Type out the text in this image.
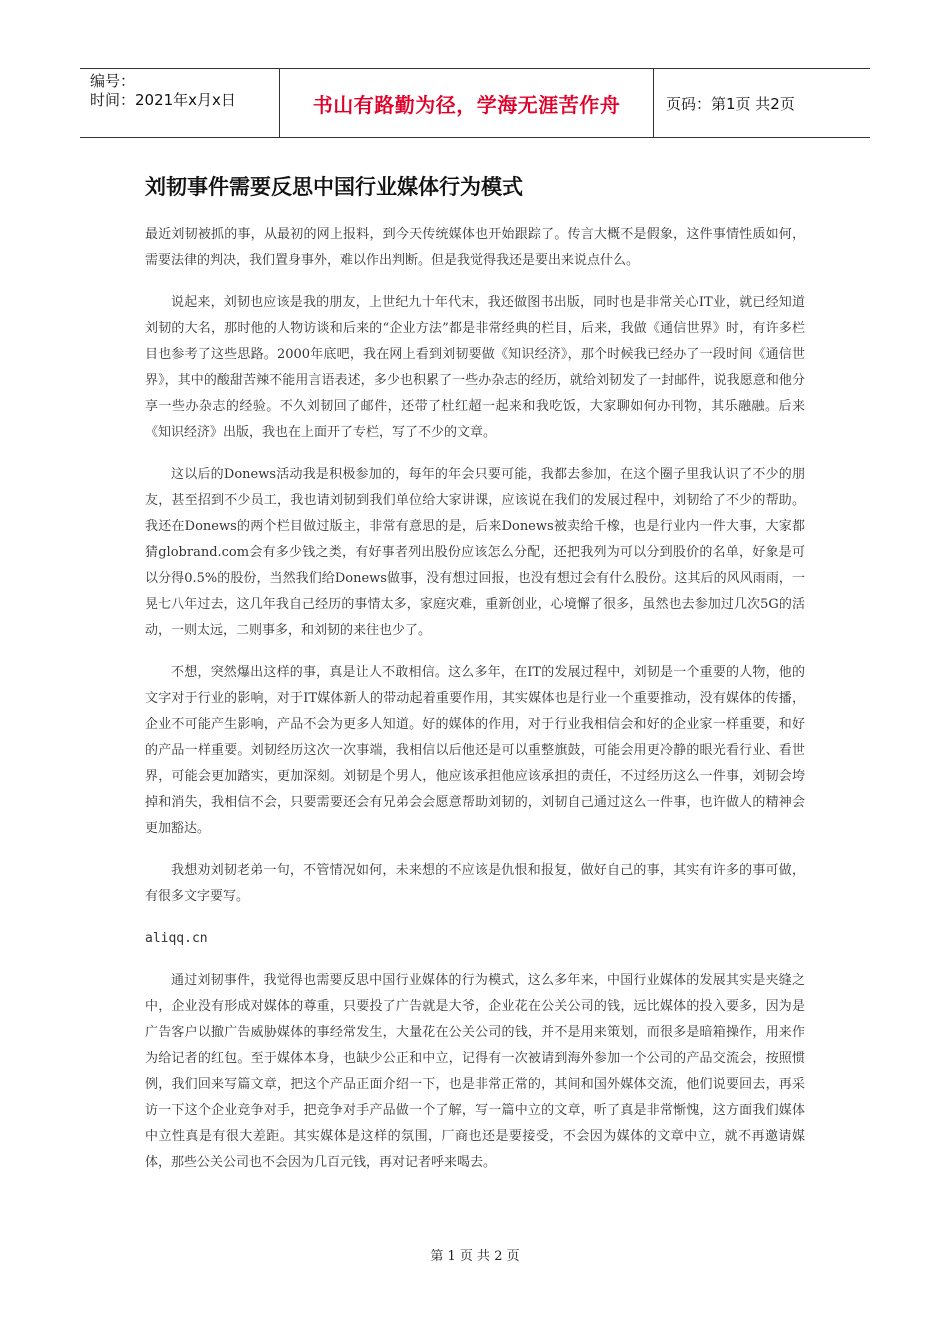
编号：
时间：2021年x月x日	书山有路勤为径，学海无涯苦作舟	页码：第1页 共2页
刘韧事件需要反思中国行业媒体行为模式

最近刘韧被抓的事，从最初的网上报料，到今天传统媒体也开始跟踪了。传言大概不是假象，这件事情性质如何，需要法律的判决，我们置身事外，难以作出判断。但是我觉得我还是要出来说点什么。

说起来，刘韧也应该是我的朋友，上世纪九十年代末，我还做图书出版，同时也是非常关心IT业，就已经知道刘韧的大名，那时他的人物访谈和后来的“企业方法”都是非常经典的栏目，后来，我做《通信世界》时，有许多栏目也参考了这些思路。2000年底吧，我在网上看到刘韧要做《知识经济》，那个时候我已经办了一段时间《通信世界》，其中的酸甜苦辣不能用言语表述，多少也积累了一些办杂志的经历，就给刘韧发了一封邮件，说我愿意和他分享一些办杂志的经验。不久刘韧回了邮件，还带了杜红超一起来和我吃饭，大家聊如何办刊物，其乐融融。后来《知识经济》出版，我也在上面开了专栏，写了不少的文章。

这以后的Donews活动我是积极参加的，每年的年会只要可能，我都去参加，在这个圈子里我认识了不少的朋友，甚至招到不少员工，我也请刘韧到我们单位给大家讲课，应该说在我们的发展过程中，刘韧给了不少的帮助。我还在Donews的两个栏目做过版主，非常有意思的是，后来Donews被卖给千橡，也是行业内一件大事，大家都猜globrand.com会有多少钱之类，有好事者列出股份应该怎么分配，还把我列为可以分到股价的名单，好象是可以分得0.5%的股份，当然我们给Donews做事，没有想过回报，也没有想过会有什么股份。这其后的风风雨雨，一晃七八年过去，这几年我自己经历的事情太多，家庭灾难，重新创业，心境懈了很多，虽然也去参加过几次5G的活动，一则太远，二则事多，和刘韧的来往也少了。

不想，突然爆出这样的事，真是让人不敢相信。这么多年，在IT的发展过程中，刘韧是一个重要的人物，他的文字对于行业的影响，对于IT媒体新人的带动起着重要作用，其实媒体也是行业一个重要推动，没有媒体的传播，企业不可能产生影响，产品不会为更多人知道。好的媒体的作用，对于行业我相信会和好的企业家一样重要，和好的产品一样重要。刘韧经历这次一次事端，我相信以后他还是可以重整旗鼓，可能会用更冷静的眼光看行业、看世界，可能会更加踏实，更加深刻。刘韧是个男人，他应该承担他应该承担的责任，不过经历这么一件事，刘韧会垮掉和消失，我相信不会，只要需要还会有兄弟会会愿意帮助刘韧的，刘韧自己通过这么一件事，也许做人的精神会更加豁达。

我想劝刘韧老弟一句，不管情况如何，未来想的不应该是仇恨和报复，做好自己的事，其实有许多的事可做，有很多文字要写。

aliqq.cn

通过刘韧事件，我觉得也需要反思中国行业媒体的行为模式，这么多年来，中国行业媒体的发展其实是夹缝之中，企业没有形成对媒体的尊重，只要投了广告就是大爷，企业花在公关公司的钱，远比媒体的投入要多，因为是广告客户以撤广告威胁媒体的事经常发生，大量花在公关公司的钱，并不是用来策划，而很多是暗箱操作，用来作为给记者的红包。至于媒体本身，也缺少公正和中立，记得有一次被请到海外参加一个公司的产品交流会，按照惯例，我们回来写篇文章，把这个产品正面介绍一下，也是非常正常的，其间和国外媒体交流，他们说要回去，再采访一下这个企业竞争对手，把竞争对手产品做一个了解，写一篇中立的文章，听了真是非常惭愧，这方面我们媒体中立性真是有很大差距。其实媒体是这样的氛围，厂商也还是要接受，不会因为媒体的文章中立，就不再邀请媒体，那些公关公司也不会因为几百元钱，再对记者呼来喝去。

第 1 页 共 2 页
